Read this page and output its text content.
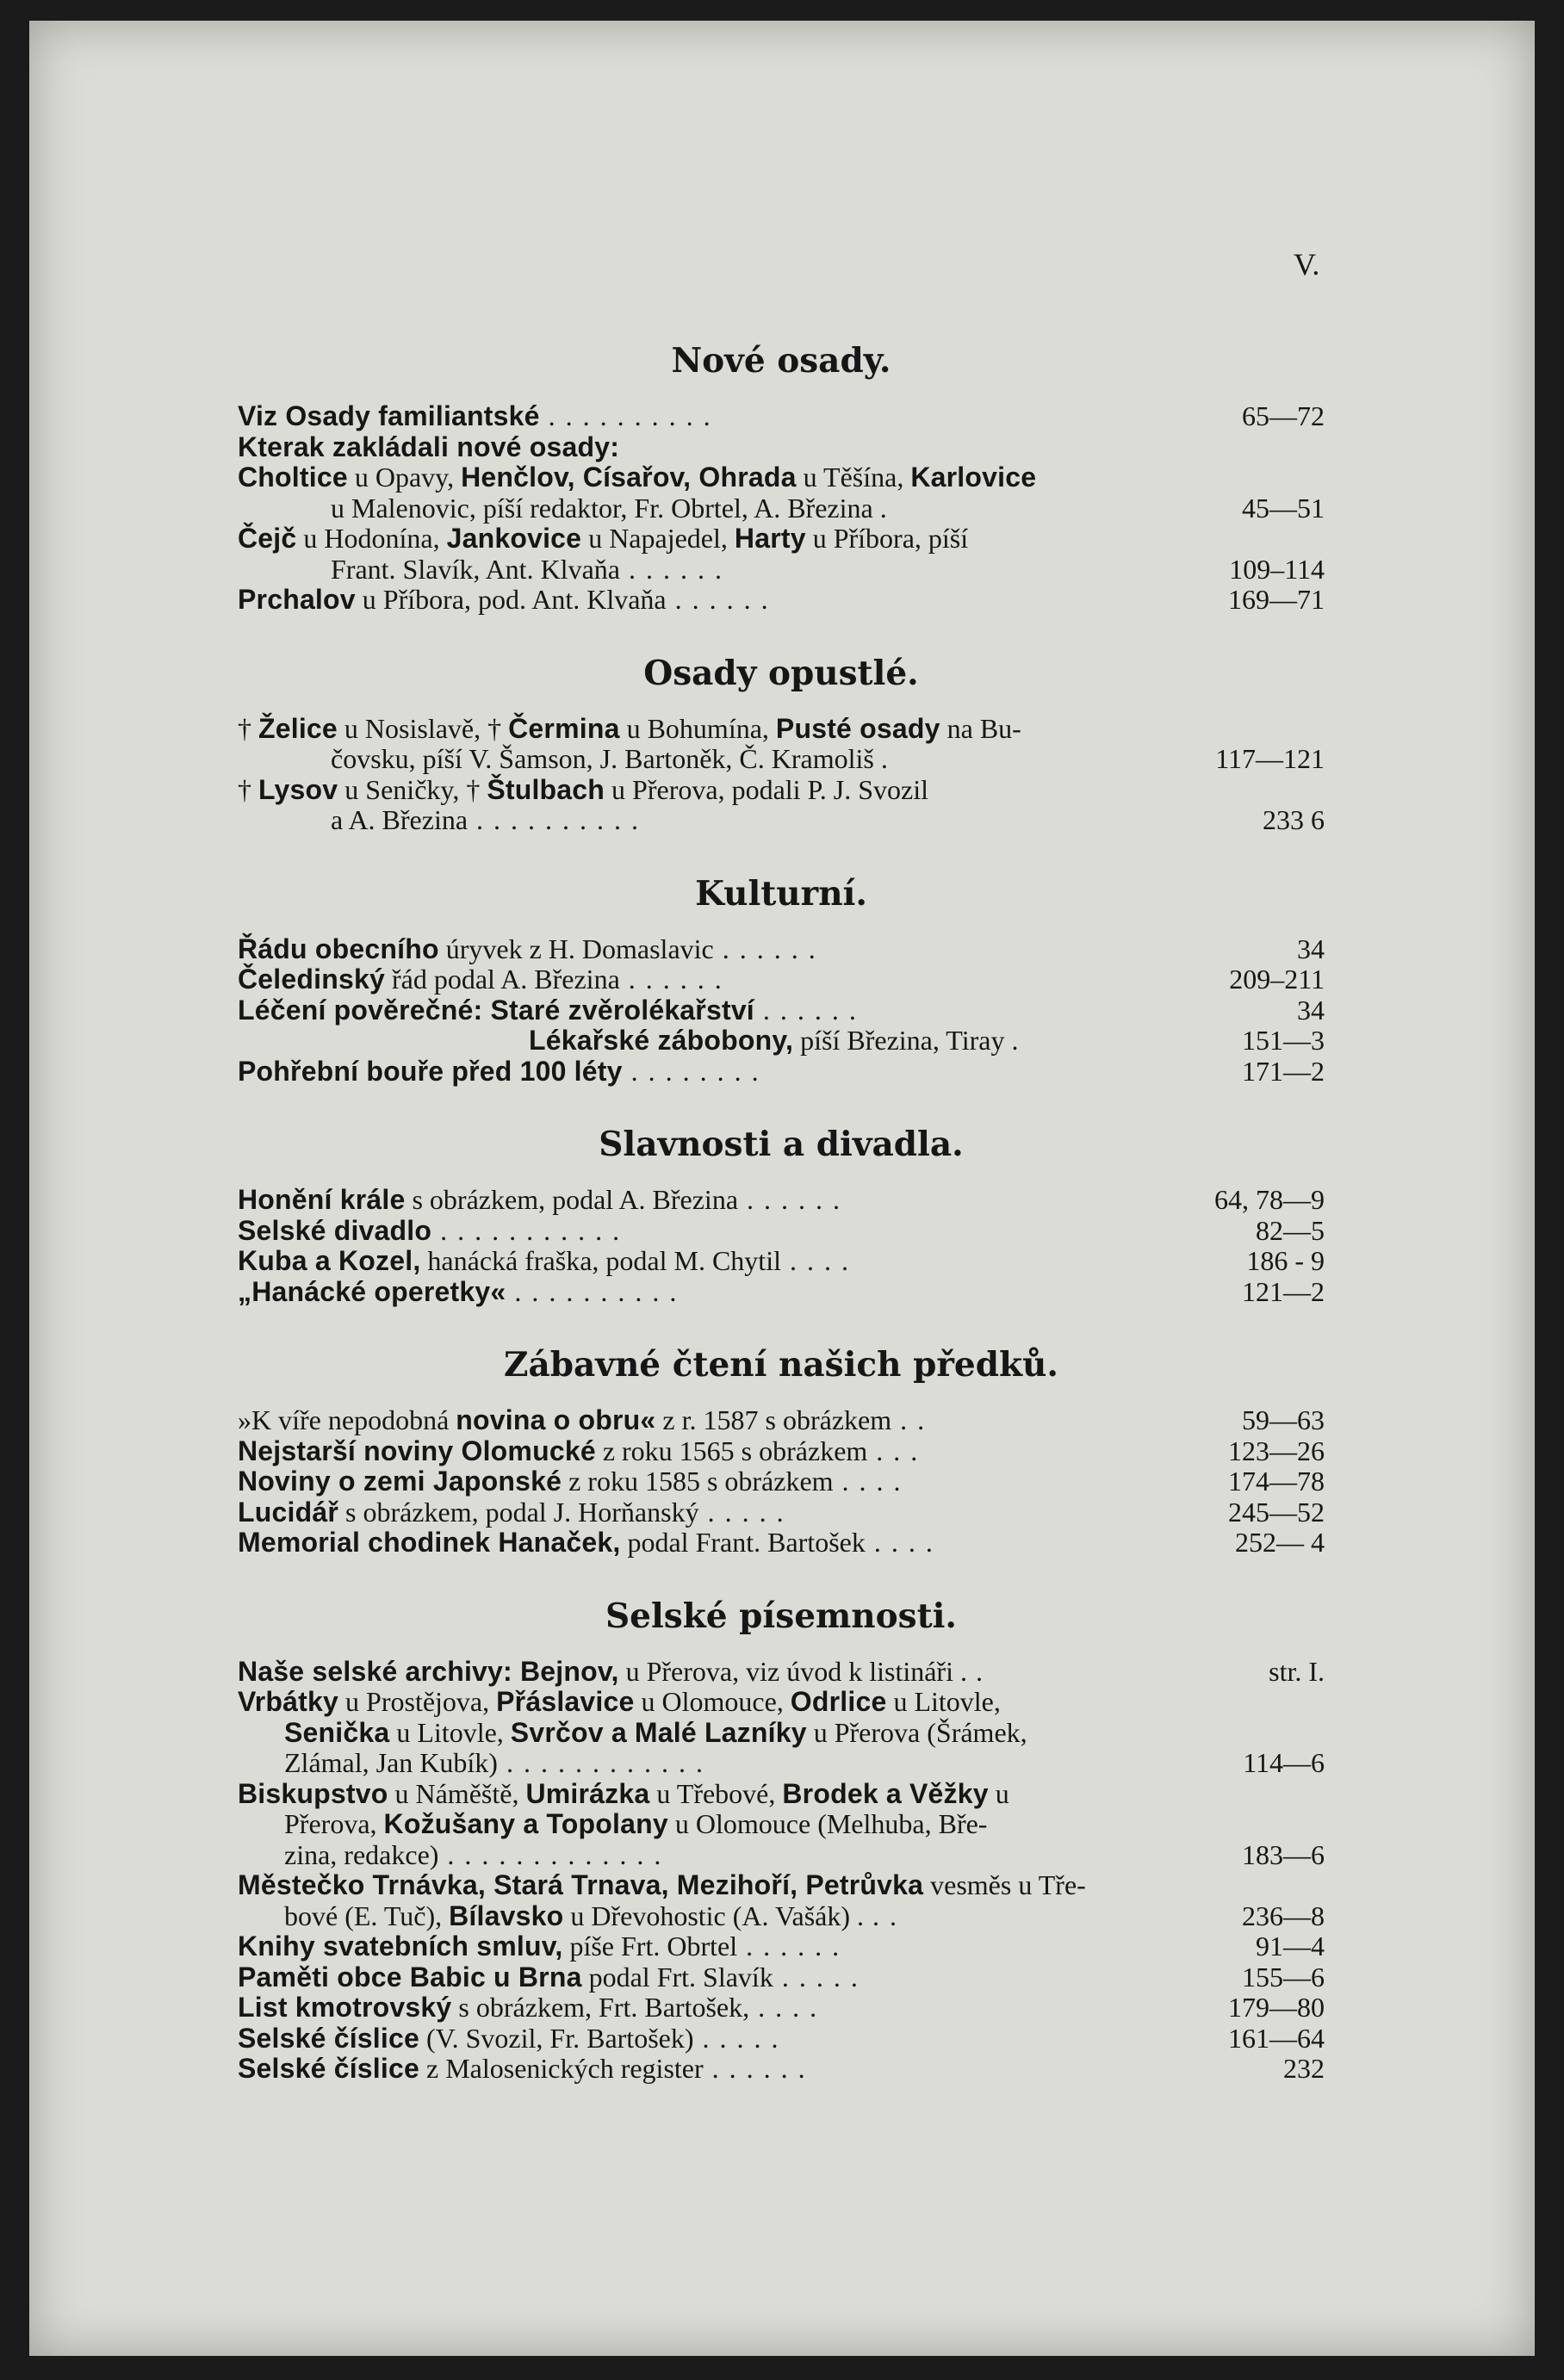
V.
Nové osady.
Viz Osady familiantské . . . . . . . . . .	65—72
Kterak zakládali nové osady:
Choltice u Opavy, Henčlov, Císařov, Ohrada u Těšína, Karlovice
u Malenovic, píší redaktor, Fr. Obrtel, A. Březina .	45—51
Čejč u Hodonína, Jankovice u Napajedel, Harty u Příbora, píší
Frant. Slavík, Ant. Klvaňa . . . . . .	109–114
Prchalov u Příbora, pod. Ant. Klvaňa . . . . . .	169—71
Osady opustlé.
† Želice u Nosislavě, † Čermina u Bohumína, Pusté osady na Bu-
čovsku, píší V. Šamson, J. Bartoněk, Č. Kramoliš .	117—121
† Lysov u Seničky, † Štulbach u Přerova, podali P. J. Svozil
a A. Březina . . . . . . . . . .	233 6
Kulturní.
Řádu obecního úryvek z H. Domaslavic . . . . . .	34
Čeledinský řád podal A. Březina . . . . . .	209–211
Léčení pověrečné: Staré zvěrolékařství . . . . . .	34
Lékařské zábobony, píší Březina, Tiray .	151—3
Pohřební bouře před 100 léty . . . . . . . .	171—2
Slavnosti a divadla.
Honění krále s obrázkem, podal A. Březina . . . . . .	64, 78—9
Selské divadlo . . . . . . . . . . .	82—5
Kuba a Kozel, hanácká fraška, podal M. Chytil . . . .	186 - 9
„Hanácké operetky« . . . . . . . . . .	121—2
Zábavné čtení našich předků.
»K víře nepodobná novina o obru« z r. 1587 s obrázkem . .	59—63
Nejstarší noviny Olomucké z roku 1565 s obrázkem . . .	123—26
Noviny o zemi Japonské z roku 1585 s obrázkem . . . .	174—78
Lucidář s obrázkem, podal J. Horňanský . . . . .	245—52
Memorial chodinek Hanaček, podal Frant. Bartošek . . . .	252— 4
Selské písemnosti.
Naše selské archivy: Bejnov, u Přerova, viz úvod k listináři . .	str. I.
Vrbátky u Prostějova, Přáslavice u Olomouce, Odrlice u Litovle,
Senička u Litovle, Svrčov a Malé Lazníky u Přerova (Šrámek,
Zlámal, Jan Kubík) . . . . . . . . . . . .	114—6
Biskupstvo u Náměště, Umirázka u Třebové, Brodek a Věžky u
Přerova, Kožušany a Topolany u Olomouce (Melhuba, Bře-
zina, redakce) . . . . . . . . . . . . .	183—6
Městečko Trnávka, Stará Trnava, Mezihoří, Petrůvka vesměs u Tře-
bové (E. Tuč), Bílavsko u Dřevohostic (A. Vašák) . . .	236—8
Knihy svatebních smluv, píše Frt. Obrtel . . . . . .	91—4
Paměti obce Babic u Brna podal Frt. Slavík . . . . .	155—6
List kmotrovský s obrázkem, Frt. Bartošek, . . . .	179—80
Selské číslice (V. Svozil, Fr. Bartošek) . . . . .	161—64
Selské číslice z Malosenických register . . . . . .	232
